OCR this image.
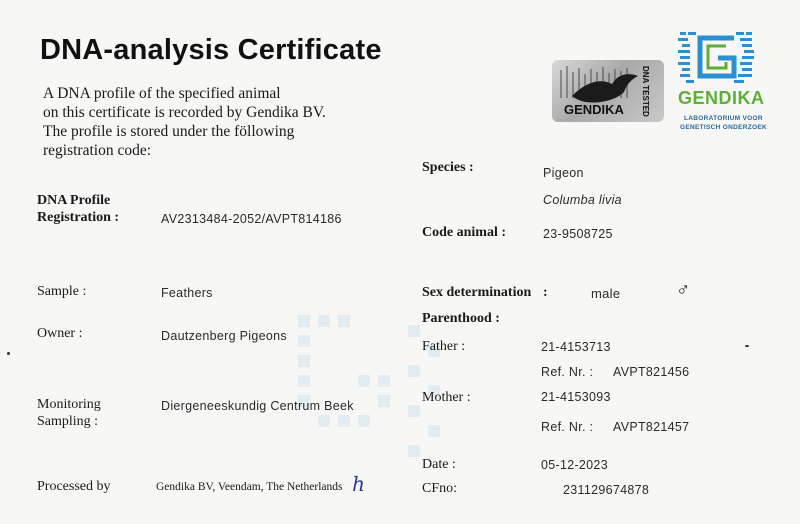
DNA-analysis Certificate
A DNA profile of the specified animal
on this certificate is recorded by Gendika BV.
The profile is stored under the föllowing
registration code:
GENDIKA DNA TESTED GENDIKA
LABORATORIUM VOOR
GENETISCH ONDERZOEK
Species :	Pigeon
Columba livia
Code animal :	23-9508725
DNA Profile
Registration :	AV2313484-2052/AVPT814186
Sample :	Feathers	Sex determination :	male	♂
Owner :	Dautzenberg Pigeons
Parenthood :
Father :	21-4153713
Ref. Nr. : AVPT821456
Monitoring
Sampling :
Diergeneeskundig Centrum Beek
Mother :	21-4153093
Ref. Nr. : AVPT821457
Date :	05-12-2023
Processed by	Gendika BV, Veendam, The Netherlands ℎ	CFno:	231129674878
